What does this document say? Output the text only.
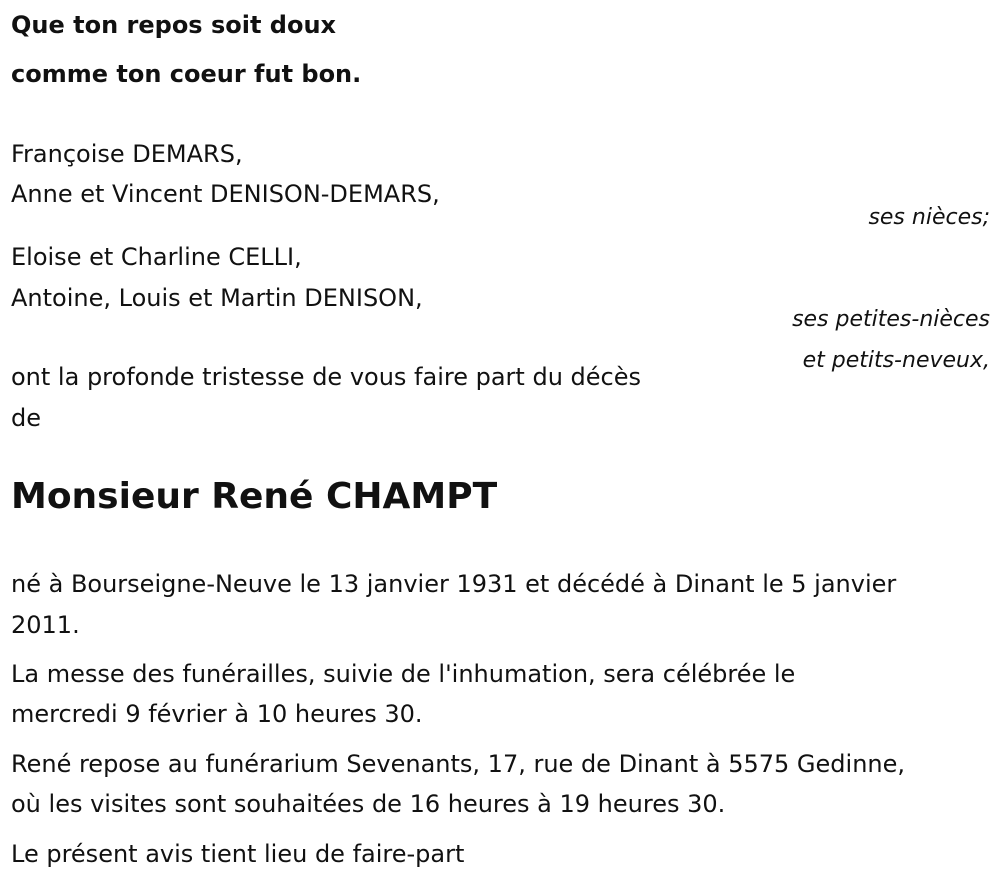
Que ton repos soit doux
comme ton coeur fut bon.
Françoise DEMARS,
Anne et Vincent DENISON-DEMARS,
ses nièces;
Eloise et Charline CELLI,
Antoine, Louis et Martin DENISON,
ses petites-nièces
et petits-neveux,
ont la profonde tristesse de vous faire part du décès
de
Monsieur René CHAMPT
né à Bourseigne-Neuve le 13 janvier 1931 et décédé à Dinant le 5 janvier
2011.
La messe des funérailles, suivie de l'inhumation, sera célébrée le
mercredi 9 février à 10 heures 30.
René repose au funérarium Sevenants, 17, rue de Dinant à 5575 Gedinne,
où les visites sont souhaitées de 16 heures à 19 heures 30.
Le présent avis tient lieu de faire-part
